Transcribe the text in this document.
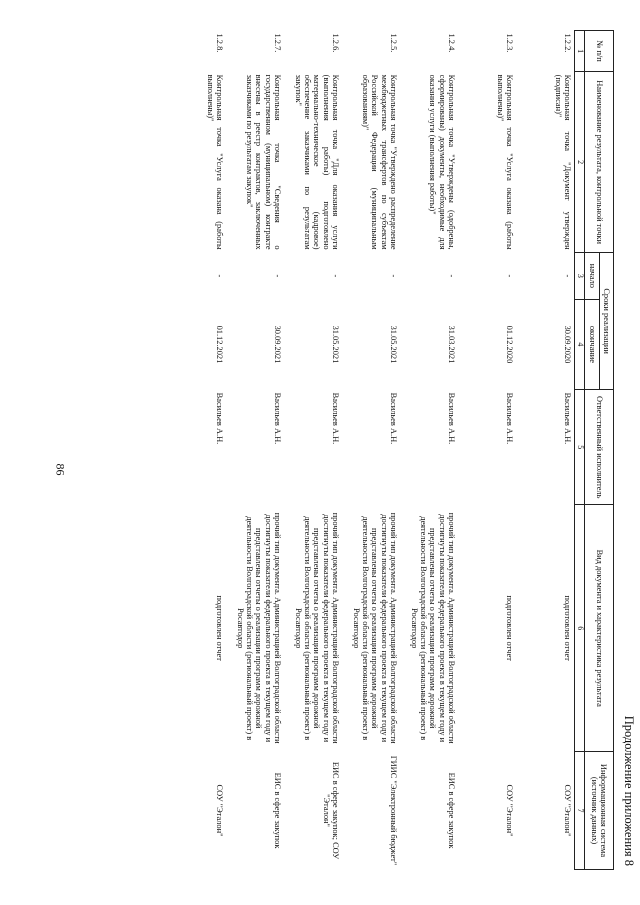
86
Продолжение приложения 8
№ п/п	Наименование результата, контрольной точки	Сроки реализации		Ответственный исполнитель	Вид документа и характеристика результата	Информационная система (источник данных)
		начало	окончание			
1	2	3	4	5	6	7
1.2.2.	Контрольная точка "Документ утвержден (подписан)"	-	30.09.2020	Васильев А.Н.	подготовлен отчет	СОУ "Эталон"
1.2.3.	Контрольная точка "Услуга оказана (работы выполнены)"	-	01.12.2020	Васильев А.Н.	подготовлен отчет	СОУ "Эталон"
1.2.4.	Контрольная точка "Утверждены (одобрены, сформированы) документы, необходимые для оказания услуги (выполнения работы)"	-	31.03.2021	Васильев А.Н.	прочий тип документа. Администрацией Волгоградской области достигнуты показатели федерального проекта в текущем году и представлены отчеты о реализации программ дорожной деятельности Волгоградской области (региональный проект) в Росавтодор	ЕИС в сфере закупок
1.2.5.	Контрольная точка "Утверждено распределение межбюджетных трансфертов по субъектам Российской Федерации (муниципальным образованиям)"	-	31.05.2021	Васильев А.Н.	прочий тип документа. Администрацией Волгоградской области достигнуты показатели федерального проекта в текущем году и представлены отчеты о реализации программ дорожной деятельности Волгоградской области (региональный проект) в Росавтодор	ГИИС "Электронный бюджет"
1.2.6.	Контрольная точка "Для оказания услуги (выполнения работы) подготовлено материально-техническое (кадровое) обеспечение заказчиками по результатам закупок"	-	31.05.2021	Васильев А.Н.	прочий тип документа. Администрацией Волгоградской области достигнуты показатели федерального проекта в текущем году и представлены отчеты о реализации программ дорожной деятельности Волгоградской области (региональный проект) в Росавтодор	ЕИС в сфере закупок; СОУ "Эталон"
1.2.7.	Контрольная точка "Сведения о государственном (муниципальном) контракте внесены в реестр контрактов, заключенных заказчиками по результатам закупок"	-	30.09.2021	Васильев А.Н.	прочий тип документа. Администрацией Волгоградской области достигнуты показатели федерального проекта в текущем году и представлены отчеты о реализации программ дорожной деятельности Волгоградской области (региональный проект) в Росавтодор	ЕИС в сфере закупок
1.2.8.	Контрольная точка "Услуга оказана (работы выполнены)"	-	01.12.2021	Васильев А.Н.	подготовлен отчет	СОУ "Эталон"
